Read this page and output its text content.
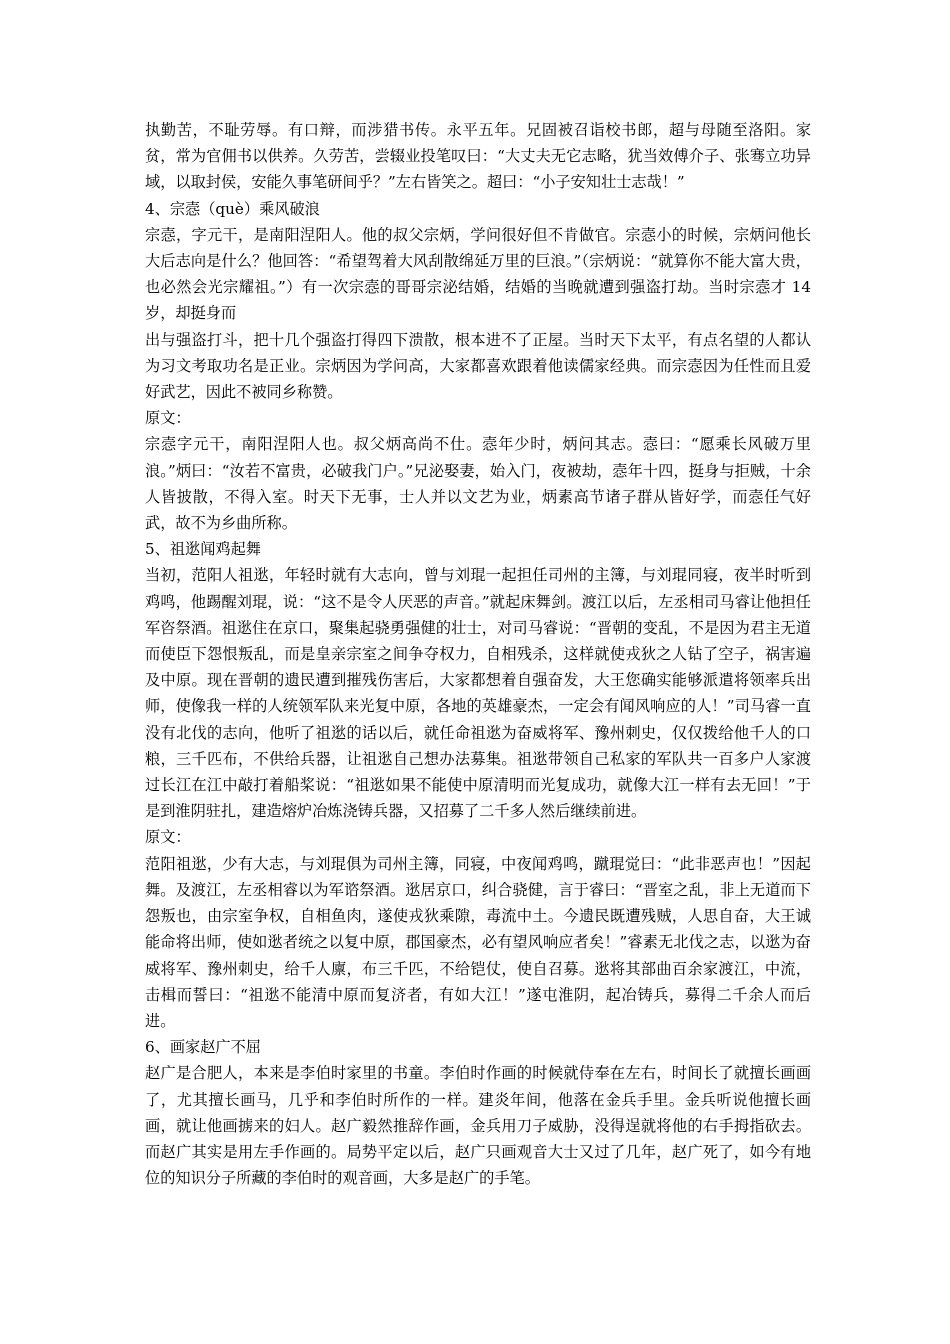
执勤苦，不耻劳辱。有口辩，而涉猎书传。永平五年。兄固被召诣校书郎，超与母随至洛阳。家贫，常为官佣书以供养。久劳苦，尝辍业投笔叹曰：“大丈夫无它志略，犹当效傅介子、张骞立功异域，以取封侯，安能久事笔研间乎？”左右皆笑之。超曰：“小子安知壮士志哉！”

4、宗悫（què）乘风破浪

宗悫，字元干，是南阳涅阳人。他的叔父宗炳，学问很好但不肯做官。宗悫小的时候，宗炳问他长大后志向是什么？他回答：“希望驾着大风刮散绵延万里的巨浪。”（宗炳说：“就算你不能大富大贵，也必然会光宗耀祖。”）有一次宗悫的哥哥宗泌结婚，结婚的当晚就遭到强盗打劫。当时宗悫才 14 岁，却挺身而

出与强盗打斗，把十几个强盗打得四下溃散，根本进不了正屋。当时天下太平，有点名望的人都认为习文考取功名是正业。宗炳因为学问高，大家都喜欢跟着他读儒家经典。而宗悫因为任性而且爱好武艺，因此不被同乡称赞。

原文：

宗悫字元干，南阳涅阳人也。叔父炳高尚不仕。悫年少时，炳问其志。悫曰：“愿乘长风破万里浪。”炳曰：“汝若不富贵，必破我门户。”兄泌娶妻，始入门，夜被劫，悫年十四，挺身与拒贼，十余人皆披散，不得入室。时天下无事，士人并以文艺为业，炳素高节诸子群从皆好学，而悫任气好武，故不为乡曲所称。

5、祖逖闻鸡起舞

当初，范阳人祖逖，年轻时就有大志向，曾与刘琨一起担任司州的主簿，与刘琨同寝，夜半时听到鸡鸣，他踢醒刘琨，说：“这不是令人厌恶的声音。”就起床舞剑。渡江以后，左丞相司马睿让他担任军咨祭酒。祖逖住在京口，聚集起骁勇强健的壮士，对司马睿说：“晋朝的变乱，不是因为君主无道而使臣下怨恨叛乱，而是皇亲宗室之间争夺权力，自相残杀，这样就使戎狄之人钻了空子，祸害遍及中原。现在晋朝的遗民遭到摧残伤害后，大家都想着自强奋发，大王您确实能够派遣将领率兵出师，使像我一样的人统领军队来光复中原，各地的英雄豪杰，一定会有闻风响应的人！”司马睿一直没有北伐的志向，他听了祖逖的话以后，就任命祖逖为奋威将军、豫州刺史，仅仅拨给他千人的口粮，三千匹布，不供给兵器，让祖逖自己想办法募集。祖逖带领自己私家的军队共一百多户人家渡过长江在江中敲打着船桨说：“祖逖如果不能使中原清明而光复成功，就像大江一样有去无回！”于是到淮阴驻扎，建造熔炉冶炼浇铸兵器，又招募了二千多人然后继续前进。

原文：

范阳祖逖，少有大志，与刘琨俱为司州主簿，同寝，中夜闻鸡鸣，蹴琨觉曰：“此非恶声也！”因起舞。及渡江，左丞相睿以为军谘祭酒。逖居京口，纠合骁健，言于睿曰：“晋室之乱，非上无道而下怨叛也，由宗室争权，自相鱼肉，遂使戎狄乘隙，毒流中土。今遗民既遭残贼，人思自奋，大王诚能命将出师，使如逖者统之以复中原，郡国豪杰，必有望风响应者矣！”睿素无北伐之志，以逖为奋威将军、豫州刺史，给千人廪，布三千匹，不给铠仗，使自召募。逖将其部曲百余家渡江，中流，击楫而誓曰：“祖逖不能清中原而复济者，有如大江！”遂屯淮阴，起冶铸兵，募得二千余人而后进。

6、画家赵广不屈

赵广是合肥人，本来是李伯时家里的书童。李伯时作画的时候就侍奉在左右，时间长了就擅长画画了，尤其擅长画马，几乎和李伯时所作的一样。建炎年间，他落在金兵手里。金兵听说他擅长画画，就让他画掳来的妇人。赵广毅然推辞作画，金兵用刀子威胁，没得逞就将他的右手拇指砍去。而赵广其实是用左手作画的。局势平定以后，赵广只画观音大士又过了几年，赵广死了，如今有地位的知识分子所藏的李伯时的观音画，大多是赵广的手笔。
